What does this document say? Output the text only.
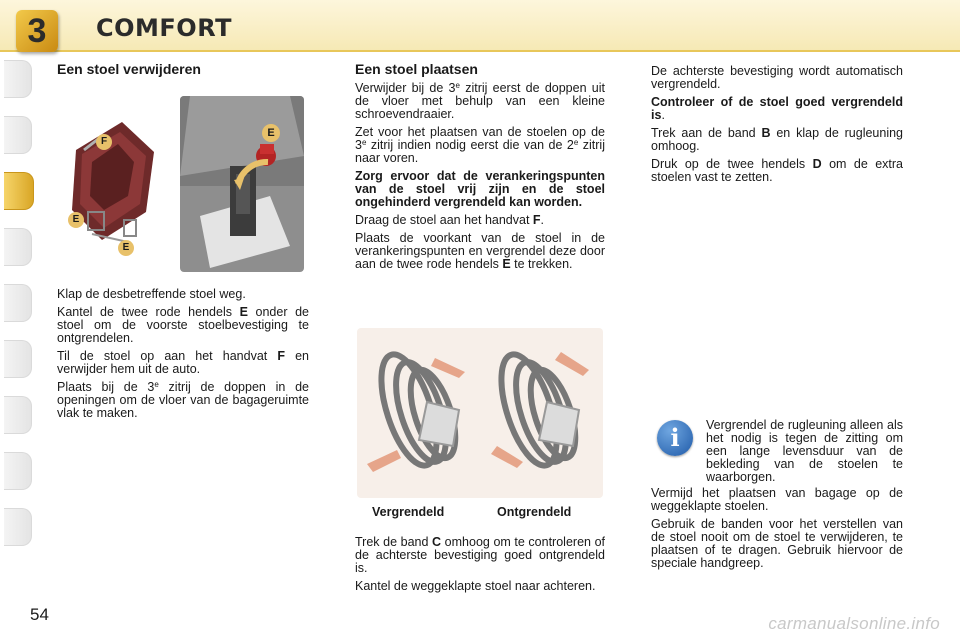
3	COMFORT
Een stoel verwijderen
F
E
E
E

Klap de desbetreffende stoel weg.

Kantel de twee rode hendels E onder de stoel om de voorste stoelbevestiging te ontgrendelen.

Til de stoel op aan het handvat F en verwijder hem uit de auto.

Plaats bij de 3e zitrij de doppen in de openingen om de vloer van de bagageruimte vlak te maken.

Een stoel plaatsen

Verwijder bij de 3e zitrij eerst de doppen uit de vloer met behulp van een kleine schroevendraaier.

Zet voor het plaatsen van de stoelen op de 3e zitrij indien nodig eerst die van de 2e zitrij naar voren.

Zorg ervoor dat de verankeringspunten van de stoel vrij zijn en de stoel ongehinderd vergrendeld kan worden.

Draag de stoel aan het handvat F.

Plaats de voorkant van de stoel in de verankeringspunten en vergrendel deze door aan de twee rode hendels E te trekken.

Vergrendeld	Ontgrendeld

Trek de band C omhoog om te controleren of de achterste bevestiging goed ontgrendeld is.

Kantel de weggeklapte stoel naar achteren.

De achterste bevestiging wordt automatisch vergrendeld.

Controleer of de stoel goed vergrendeld is.

Trek aan de band B en klap de rugleuning omhoog.

Druk op de twee hendels D om de extra stoelen vast te zetten.

i	Vergrendel de rugleuning alleen als het nodig is tegen de zitting om een lange levensduur van de bekleding van de stoelen te waarborgen.

Vermijd het plaatsen van bagage op de weggeklapte stoelen.

Gebruik de banden voor het verstellen van de stoel nooit om de stoel te verwijderen, te plaatsen of te dragen. Gebruik hiervoor de speciale handgreep.

54	carmanualsonline.info
